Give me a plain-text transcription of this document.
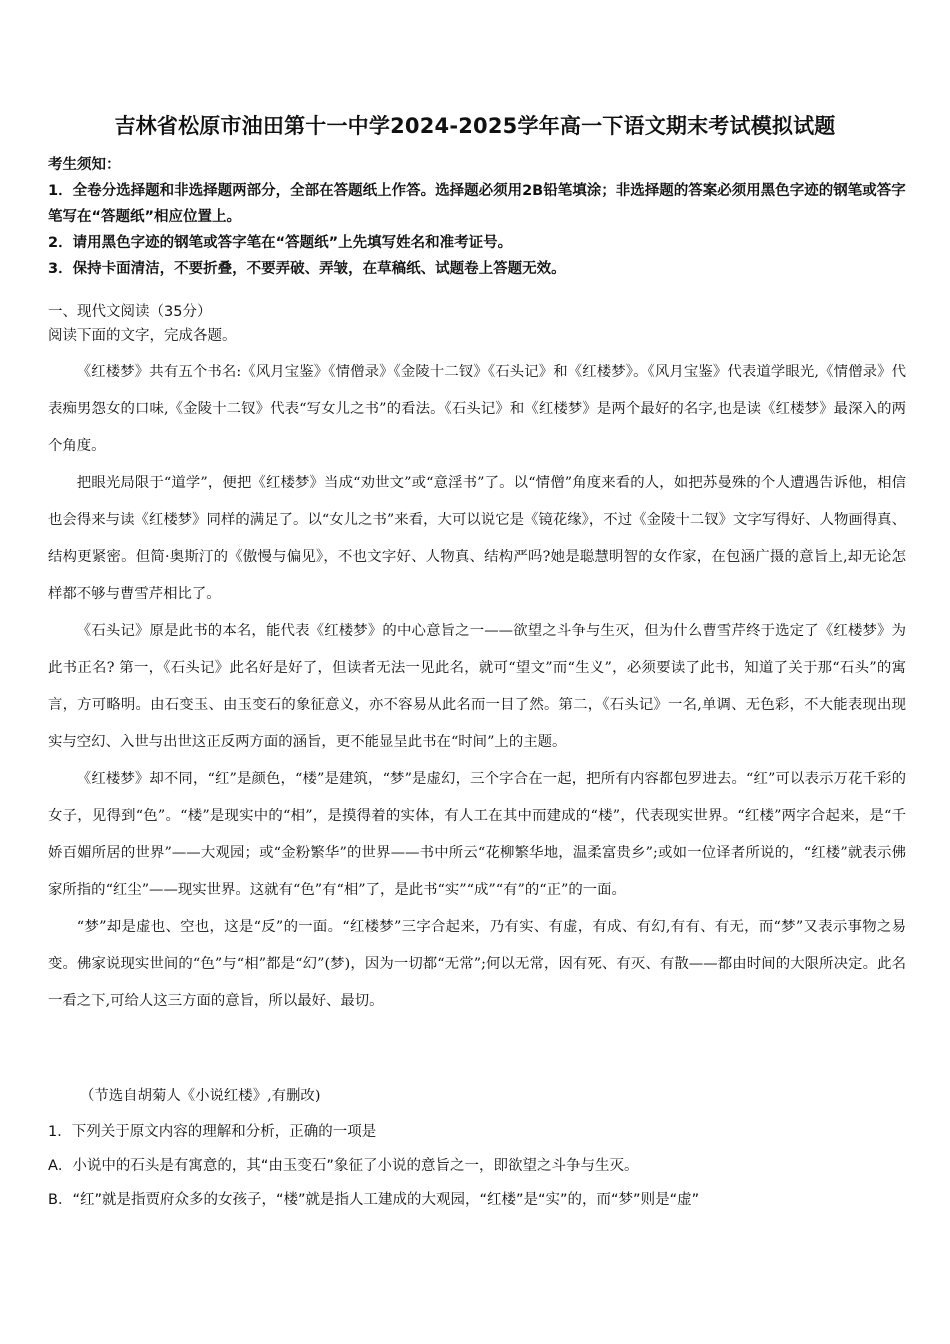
吉林省松原市油田第十一中学2024-2025学年高一下语文期末考试模拟试题
考生须知：
1．全卷分选择题和非选择题两部分，全部在答题纸上作答。选择题必须用2B铅笔填涂；非选择题的答案必须用黑色字迹的钢笔或答字笔写在“答题纸”相应位置上。
2．请用黑色字迹的钢笔或答字笔在“答题纸”上先填写姓名和准考证号。
3．保持卡面清洁，不要折叠，不要弄破、弄皱，在草稿纸、试题卷上答题无效。
一、现代文阅读（35分）
阅读下面的文字，完成各题。

《红楼梦》共有五个书名:《风月宝鉴》《情僧录》《金陵十二钗》《石头记》和《红楼梦》。《风月宝鉴》代表道学眼光,《情僧录》代表痴男怨女的口味,《金陵十二钗》代表“写女儿之书”的看法。《石头记》和《红楼梦》是两个最好的名字,也是读《红楼梦》最深入的两个角度。

把眼光局限于“道学”，便把《红楼梦》当成“劝世文”或“意淫书”了。以“情僧”角度来看的人，如把苏曼殊的个人遭遇告诉他，相信也会得来与读《红楼梦》同样的满足了。以“女儿之书”来看，大可以说它是《镜花缘》，不过《金陵十二钗》文字写得好、人物画得真、结构更紧密。但简·奥斯汀的《傲慢与偏见》，不也文字好、人物真、结构严吗?她是聪慧明智的女作家，在包涵广摄的意旨上,却无论怎样都不够与曹雪芹相比了。

《石头记》原是此书的本名，能代表《红楼梦》的中心意旨之一——欲望之斗争与生灭，但为什么曹雪芹终于选定了《红楼梦》为此书正名? 第一，《石头记》此名好是好了，但读者无法一见此名，就可“望文”而“生义”，必须要读了此书，知道了关于那“石头”的寓言，方可略明。由石变玉、由玉变石的象征意义，亦不容易从此名而一目了然。第二，《石头记》一名,单调、无色彩，不大能表现出现实与空幻、入世与出世这正反两方面的涵旨，更不能显呈此书在“时间”上的主题。

《红楼梦》却不同，“红”是颜色，“楼”是建筑，“梦”是虚幻，三个字合在一起，把所有内容都包罗进去。“红”可以表示万花千彩的女子，见得到“色”。“楼”是现实中的“相”，是摸得着的实体，有人工在其中而建成的“楼”，代表现实世界。“红楼”两字合起来，是“千娇百媚所居的世界”——大观园；或“金粉繁华”的世界——书中所云“花柳繁华地，温柔富贵乡”;或如一位译者所说的，“红楼”就表示佛家所指的“红尘”——现实世界。这就有“色”有“相”了，是此书“实”“成”“有”的“正”的一面。

“梦”却是虚也、空也，这是“反”的一面。“红楼梦”三字合起来，乃有实、有虚，有成、有幻,有有、有无，而“梦”又表示事物之易变。佛家说现实世间的“色”与“相”都是“幻”(梦)，因为一切都“无常”;何以无常，因有死、有灭、有散——都由时间的大限所决定。此名一看之下,可给人这三方面的意旨，所以最好、最切。

（节选自胡菊人《小说红楼》,有删改)
1．下列关于原文内容的理解和分析，正确的一项是
A．小说中的石头是有寓意的，其“由玉变石”象征了小说的意旨之一，即欲望之斗争与生灭。
B．“红”就是指贾府众多的女孩子，“楼”就是指人工建成的大观园，“红楼”是“实”的，而“梦”则是“虚”
